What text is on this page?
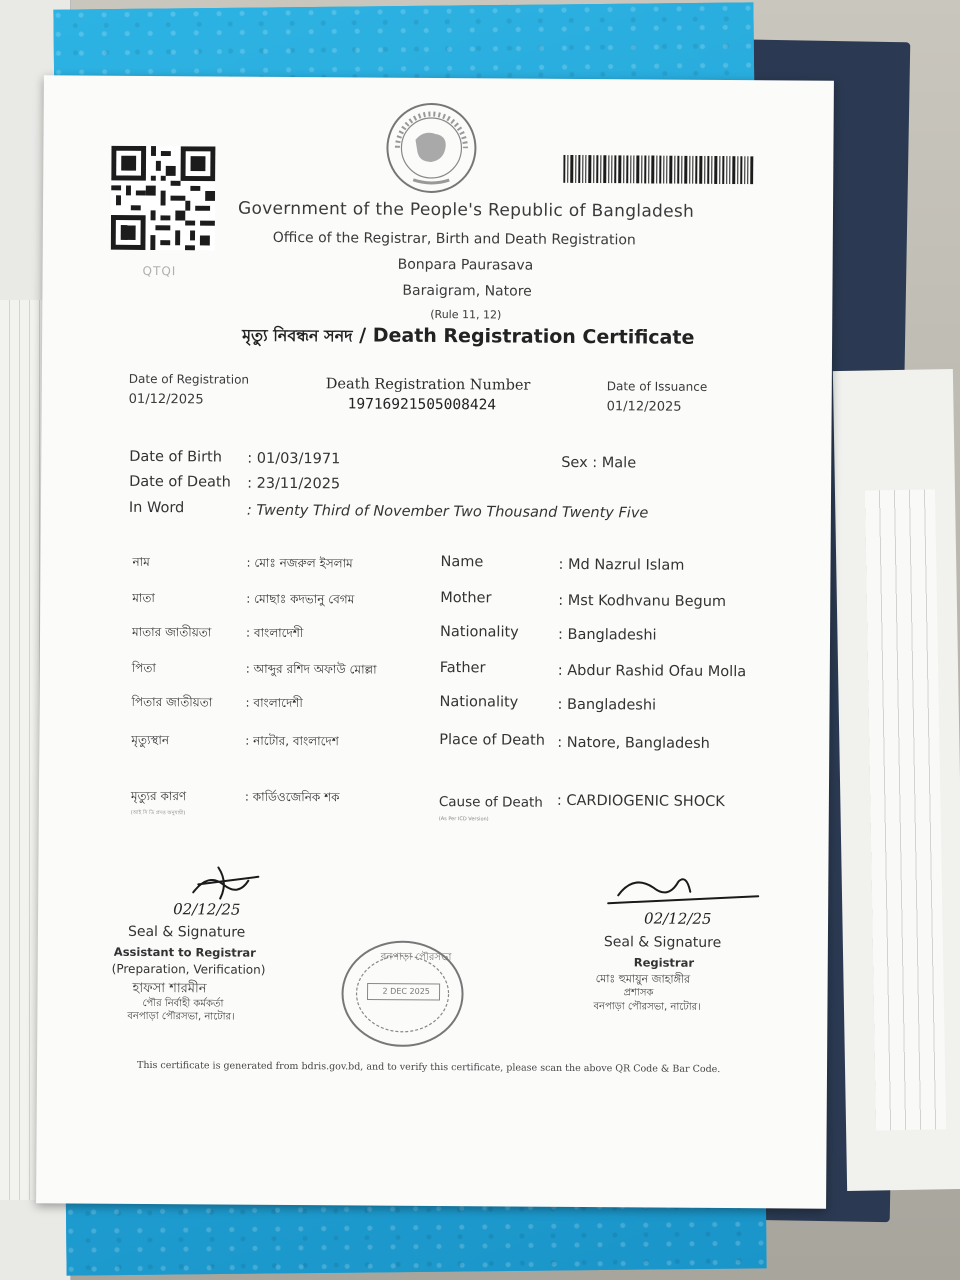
QTQI
Government of the People's Republic of Bangladesh
Office of the Registrar, Birth and Death Registration
Bonpara Paurasava
Baraigram, Natore
(Rule 11, 12)
মৃত্যু নিবন্ধন সনদ / Death Registration Certificate
Date of Registration
01/12/2025
Death Registration Number
19716921505008424
Date of Issuance
01/12/2025
Date of Birth : 01/03/1971
Date of Death : 23/11/2025
In Word	: Twenty Third of November Two Thousand Twenty Five
Sex : Male
নাম	: মোঃ নজরুল ইসলাম	Name	: Md Nazrul Islam
মাতা	: মোছাঃ কদভানু বেগম	Mother	: Mst Kodhvanu Begum
মাতার জাতীয়তা	: বাংলাদেশী	Nationality	: Bangladeshi
পিতা	: আব্দুর রশিদ অফাউ মোল্লা	Father	: Abdur Rashid Ofau Molla
পিতার জাতীয়তা	: বাংলাদেশী	Nationality	: Bangladeshi
মৃত্যুস্থান	: নাটোর, বাংলাদেশ	Place of Death : Natore, Bangladesh
মৃত্যুর কারণ	: কার্ডিওজেনিক শক	Cause of Death : CARDIOGENIC SHOCK
(আই সি ডি প্রদত্ত অনুযায়ী)
(As Per ICD Version)
02/12/25
Seal & Signature
Assistant to Registrar
(Preparation, Verification)
হাফসা শারমীন
পৌর নির্বাহী কর্মকর্তা
বনপাড়া পৌরসভা, নাটোর।
বনপাড়া পৌরসভা
2 DEC 2025
02/12/25
Seal & Signature
Registrar
মোঃ হুমায়ুন জাহাঙ্গীর
প্রশাসক
বনপাড়া পৌরসভা, নাটোর।
This certificate is generated from bdris.gov.bd, and to verify this certificate, please scan the above QR Code & Bar Code.
